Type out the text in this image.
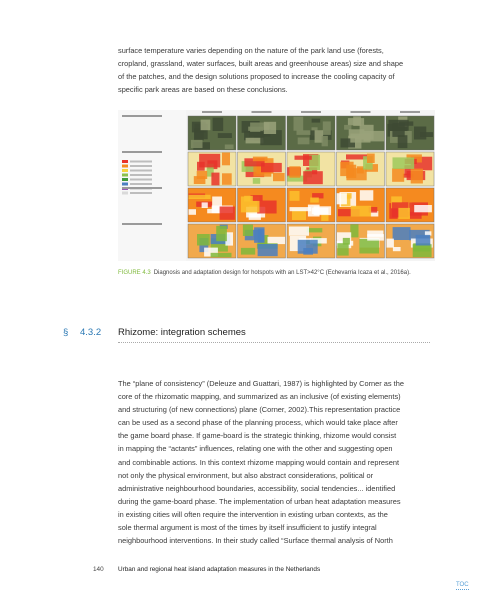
surface temperature varies depending on the nature of the park land use (forests,

cropland, grassland, water surfaces, built areas and greenhouse areas) size and shape

of the patches, and the design solutions proposed to increase the cooling capacity of

specific park areas are based on these conclusions.

FIGURE 4.3 Diagnosis and adaptation design for hotspots with an LST>42°C (Echevarria Icaza et al., 2016a).
§ 4.3.2 Rhizome: integration schemes

The “plane of consistency” (Deleuze and Guattari, 1987) is highlighted by Corner as the

core of the rhizomatic mapping, and summarized as an inclusive (of existing elements)

and structuring (of new connections) plane (Corner, 2002).This representation practice

can be used as a second phase of the planning process, which would take place after

the game board phase. If game-board is the strategic thinking, rhizome would consist

in mapping the “actants” influences, relating one with the other and suggesting open

and combinable actions. In this context rhizome mapping would contain and represent

not only the physical environment, but also abstract considerations, political or

administrative neighbourhood boundaries, accessibility, social tendencies... identified

during the game-board phase. The implementation of urban heat adaptation measures

in existing cities will often require the intervention in existing urban contexts, as the

sole thermal argument is most of the times by itself insufficient to justify integral

neighbourhood interventions. In their study called “Surface thermal analysis of North

140 Urban and regional heat island adaptation measures in the Netherlands
TOC
